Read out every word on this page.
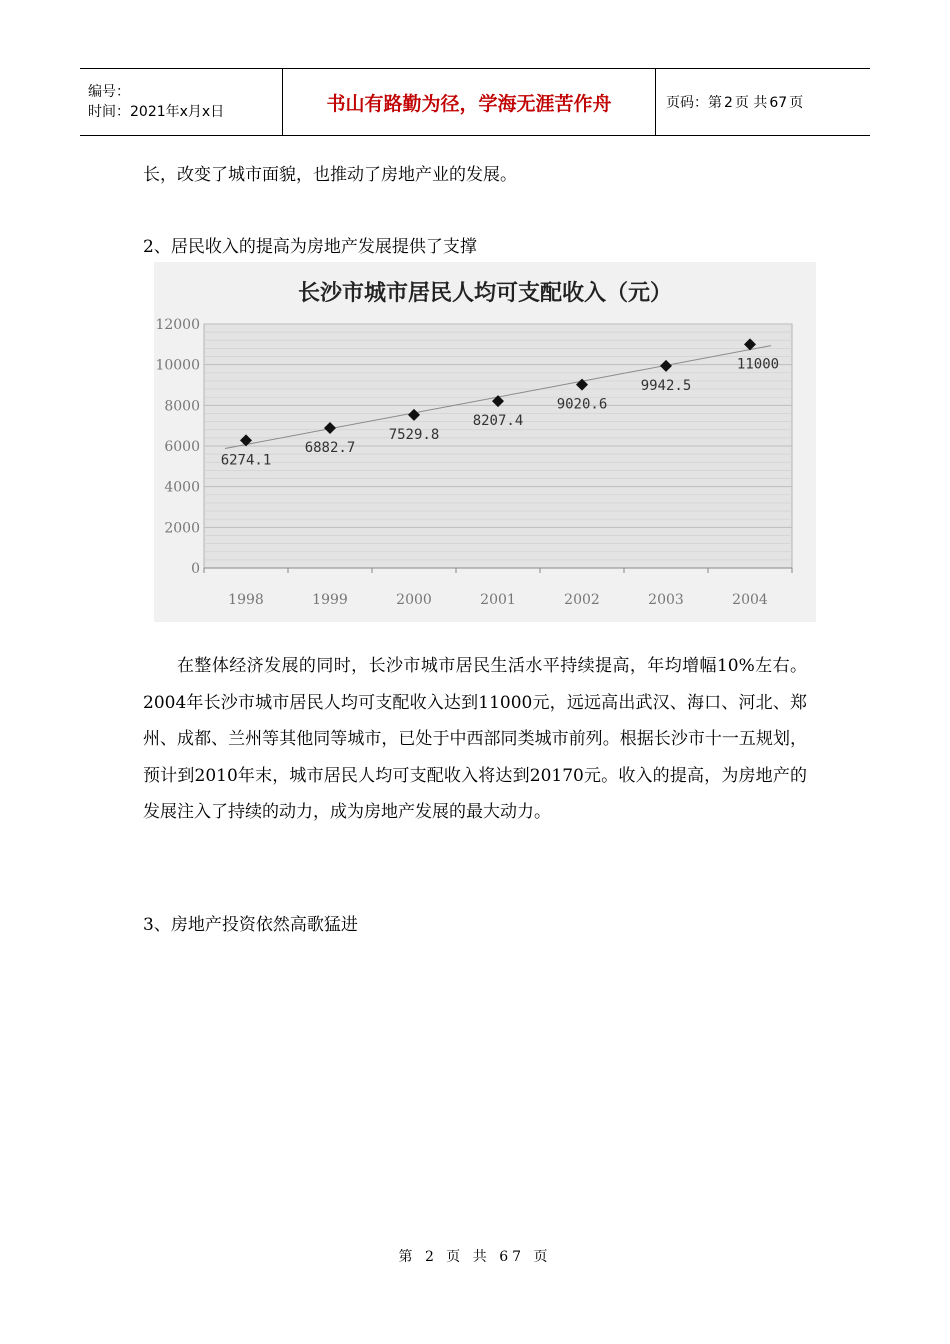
编号：
时间：2021年x月x日	书山有路勤为径，学海无涯苦作舟	页码：第 2 页 共 67 页
长，改变了城市面貌，也推动了房地产业的发展。
2、居民收入的提高为房地产发展提供了支撑
长沙市城市居民人均可支配收入（元）
0
2000
4000
6000
8000
10000
12000
1998	1999	2000	2001	2002	2003	2004
6274.1
6882.7
7529.8
8207.4
9020.6
9942.5
11000
在整体经济发展的同时，长沙市城市居民生活水平持续提高，年均增幅10%左右。2004年长沙市城市居民人均可支配收入达到11000元，远远高出武汉、海口、河北、郑州、成都、兰州等其他同等城市，已处于中西部同类城市前列。根据长沙市十一五规划，预计到2010年末，城市居民人均可支配收入将达到20170元。收入的提高，为房地产的发展注入了持续的动力，成为房地产发展的最大动力。
3、房地产投资依然高歌猛进
第 2 页 共 67 页
